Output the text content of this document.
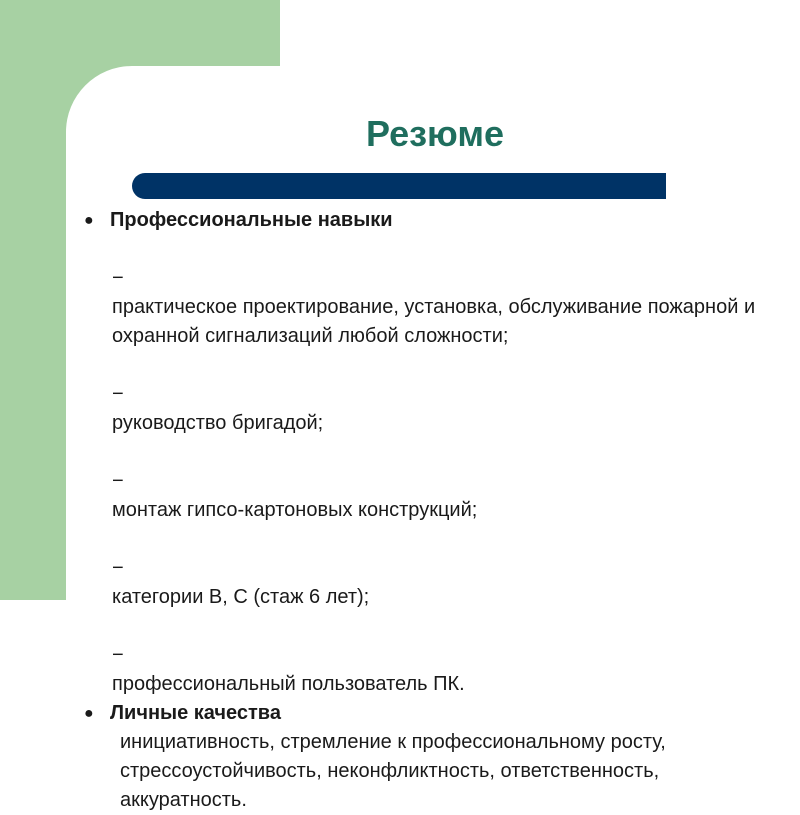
Резюме
● Профессиональные навыки

−
практическое проектирование, установка, обслуживание пожарной и охранной сигнализаций любой сложности;

−
руководство бригадой;

−
монтаж гипсо-картоновых конструкций;

−
категории В, С (стаж 6 лет);

−
профессиональный пользователь ПК.

● Личные качества
инициативность, стремление к профессиональному росту, стрессоустойчивость, неконфликтность, ответственность, аккуратность.
